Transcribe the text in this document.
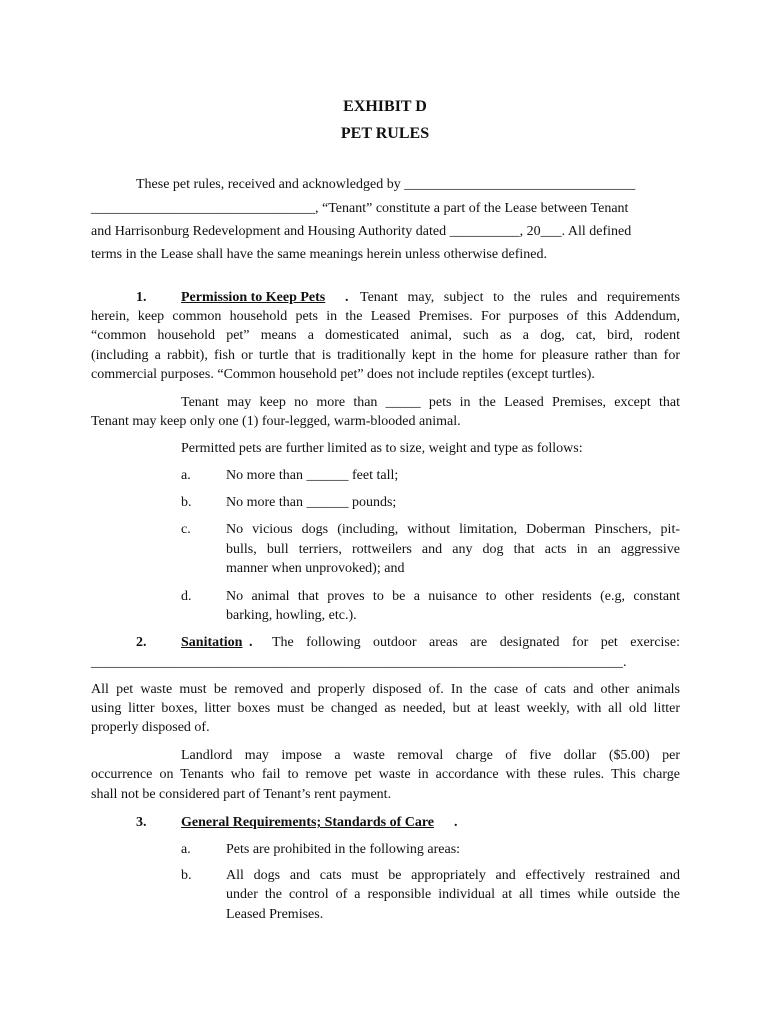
EXHIBIT D
PET RULES
These pet rules, received and acknowledged by _________________________________
________________________________, “Tenant” constitute a part of the Lease between Tenant
and Harrisonburg Redevelopment and Housing Authority dated __________, 20___. All defined
terms in the Lease shall have the same meanings herein unless otherwise defined.
1. Permission to Keep Pets . Tenant may, subject to the rules and requirements
herein, keep common household pets in the Leased Premises. For purposes of this Addendum,
“common household pet” means a domesticated animal, such as a dog, cat, bird, rodent
(including a rabbit), fish or turtle that is traditionally kept in the home for pleasure rather than for
commercial purposes. “Common household pet” does not include reptiles (except turtles).
Tenant may keep no more than _____ pets in the Leased Premises, except that
Tenant may keep only one (1) four-legged, warm-blooded animal.
Permitted pets are further limited as to size, weight and type as follows:
a.	No more than ______ feet tall;
b. No more than ______ pounds;
c.	No vicious dogs (including, without limitation, Doberman Pinschers, pit-
bulls, bull terriers, rottweilers and any dog that acts in an aggressive
manner when unprovoked); and
d. No animal that proves to be a nuisance to other residents (e.g, constant
barking, howling, etc.).
2. Sanitation . The following outdoor areas are designated for pet exercise:
____________________________________________________________________________.
All pet waste must be removed and properly disposed of. In the case of cats and other animals
using litter boxes, litter boxes must be changed as needed, but at least weekly, with all old litter
properly disposed of.
Landlord may impose a waste removal charge of five dollar ($5.00) per
occurrence on Tenants who fail to remove pet waste in accordance with these rules. This charge
shall not be considered part of Tenant’s rent payment.
3. General Requirements; Standards of Care .
a.	Pets are prohibited in the following areas:
b. All dogs and cats must be appropriately and effectively restrained and
under the control of a responsible individual at all times while outside the
Leased Premises.
